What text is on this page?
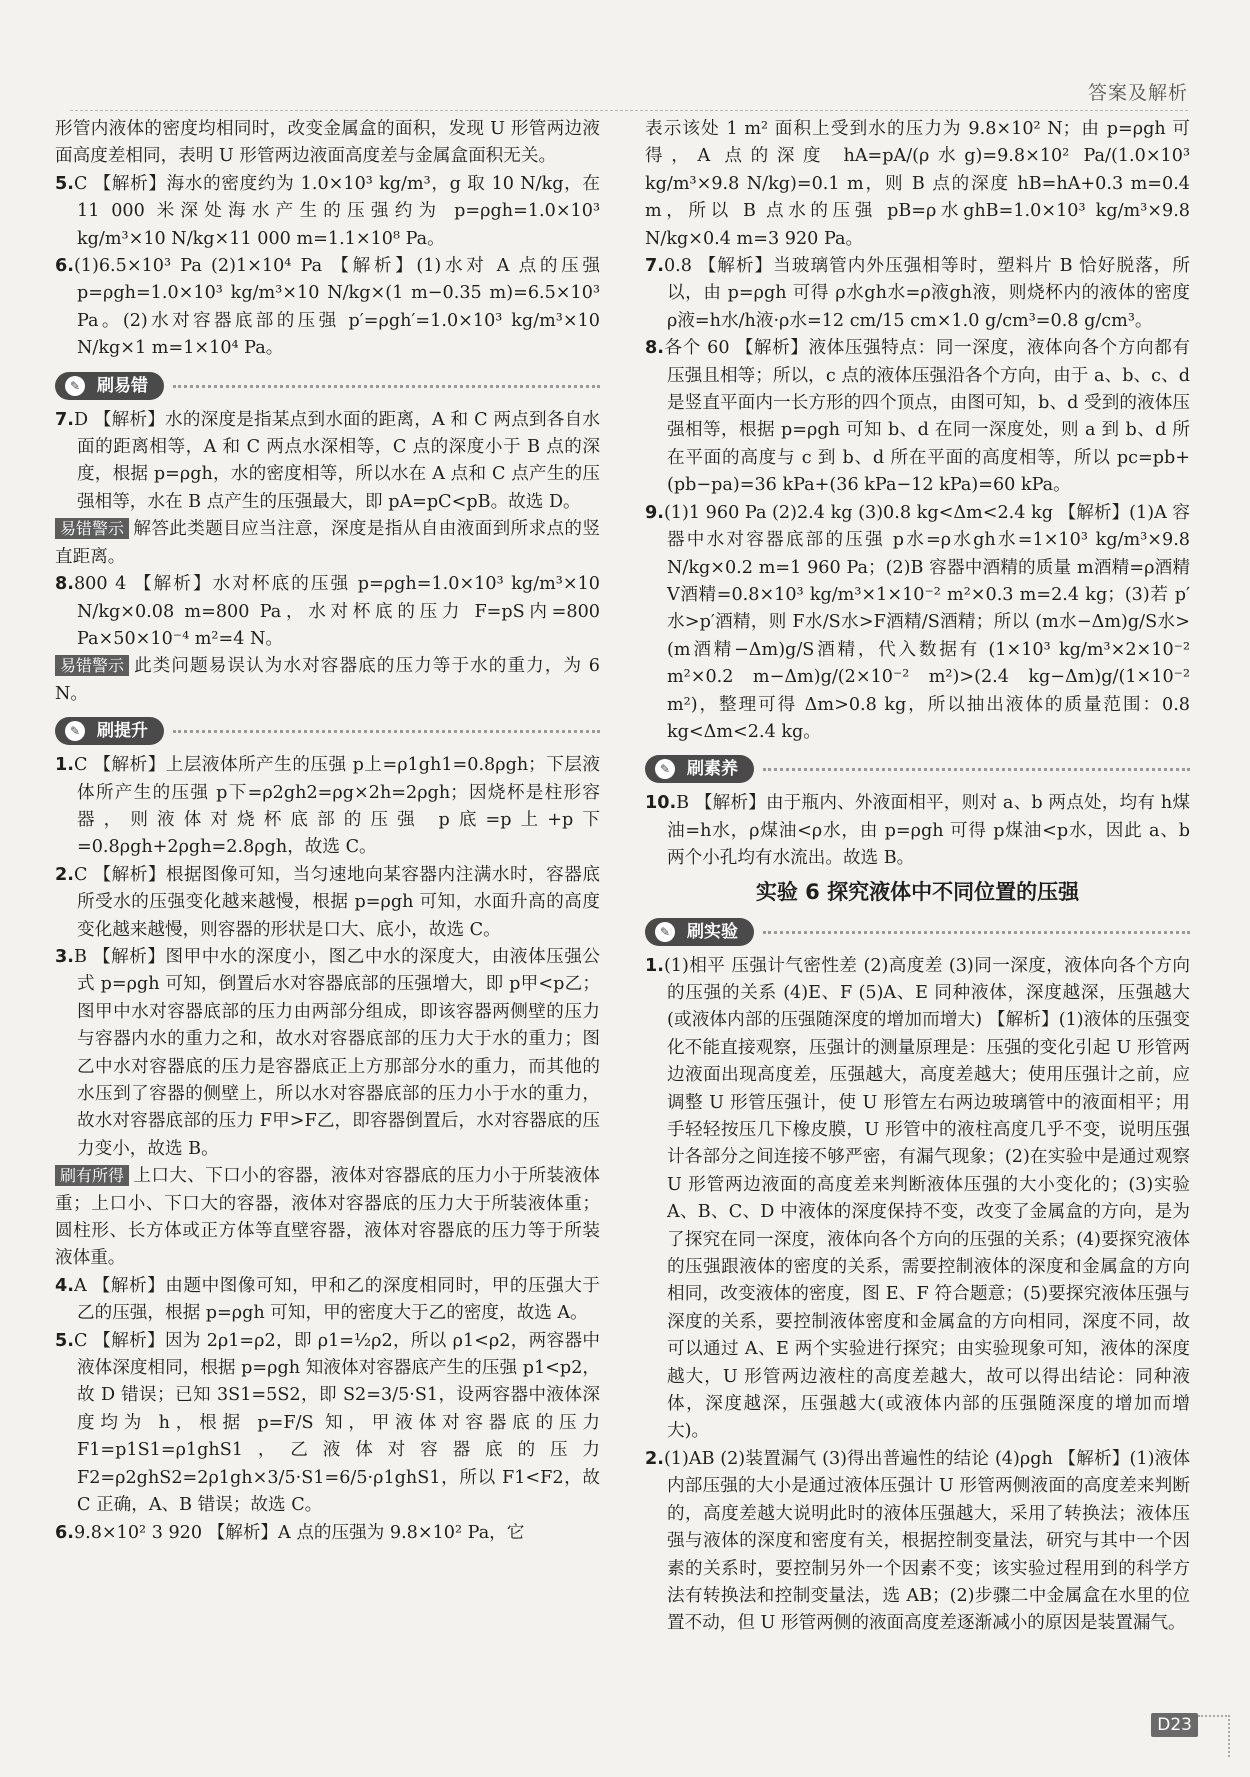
答案及解析

形管内液体的密度均相同时，改变金属盒的面积，发现 U 形管两边液面高度差相同，表明 U 形管两边液面高度差与金属盒面积无关。

5.C 【解析】海水的密度约为 1.0×10³ kg/m³，g 取 10 N/kg，在 11 000 米深处海水产生的压强约为 p=ρgh=1.0×10³ kg/m³×10 N/kg×11 000 m=1.1×10⁸ Pa。

6.(1)6.5×10³ Pa (2)1×10⁴ Pa 【解析】(1)水对 A 点的压强 p=ρgh=1.0×10³ kg/m³×10 N/kg×(1 m−0.35 m)=6.5×10³ Pa。(2)水对容器底部的压强 p′=ρgh′=1.0×10³ kg/m³×10 N/kg×1 m=1×10⁴ Pa。

✎ 刷易错

7.D 【解析】水的深度是指某点到水面的距离，A 和 C 两点到各自水面的距离相等，A 和 C 两点水深相等，C 点的深度小于 B 点的深度，根据 p=ρgh，水的密度相等，所以水在 A 点和 C 点产生的压强相等，水在 B 点产生的压强最大，即 pA=pC<pB。故选 D。

易错警示 解答此类题目应当注意，深度是指从自由液面到所求点的竖直距离。

8.800 4 【解析】水对杯底的压强 p=ρgh=1.0×10³ kg/m³×10 N/kg×0.08 m=800 Pa，水对杯底的压力 F=pS内=800 Pa×50×10⁻⁴ m²=4 N。

易错警示 此类问题易误认为水对容器底的压力等于水的重力，为 6 N。

✎ 刷提升

1.C 【解析】上层液体所产生的压强 p上=ρ1gh1=0.8ρgh；下层液体所产生的压强 p下=ρ2gh2=ρg×2h=2ρgh；因烧杯是柱形容器，则液体对烧杯底部的压强 p底=p上+p下=0.8ρgh+2ρgh=2.8ρgh，故选 C。

2.C 【解析】根据图像可知，当匀速地向某容器内注满水时，容器底所受水的压强变化越来越慢，根据 p=ρgh 可知，水面升高的高度变化越来越慢，则容器的形状是口大、底小，故选 C。

3.B 【解析】图甲中水的深度小，图乙中水的深度大，由液体压强公式 p=ρgh 可知，倒置后水对容器底部的压强增大，即 p甲<p乙；图甲中水对容器底部的压力由两部分组成，即该容器两侧壁的压力与容器内水的重力之和，故水对容器底部的压力大于水的重力；图乙中水对容器底的压力是容器底正上方那部分水的重力，而其他的水压到了容器的侧壁上，所以水对容器底部的压力小于水的重力，故水对容器底部的压力 F甲>F乙，即容器倒置后，水对容器底的压力变小，故选 B。

刷有所得 上口大、下口小的容器，液体对容器底的压力小于所装液体重；上口小、下口大的容器，液体对容器底的压力大于所装液体重；圆柱形、长方体或正方体等直壁容器，液体对容器底的压力等于所装液体重。

4.A 【解析】由题中图像可知，甲和乙的深度相同时，甲的压强大于乙的压强，根据 p=ρgh 可知，甲的密度大于乙的密度，故选 A。

5.C 【解析】因为 2ρ1=ρ2，即 ρ1=½ρ2，所以 ρ1<ρ2，两容器中液体深度相同，根据 p=ρgh 知液体对容器底产生的压强 p1<p2，故 D 错误；已知 3S1=5S2，即 S2=3/5·S1，设两容器中液体深度均为 h，根据 p=F/S 知，甲液体对容器底的压力 F1=p1S1=ρ1ghS1，乙液体对容器底的压力 F2=ρ2ghS2=2ρ1gh×3/5·S1=6/5·ρ1ghS1，所以 F1<F2，故 C 正确，A、B 错误；故选 C。

6.9.8×10² 3 920 【解析】A 点的压强为 9.8×10² Pa，它

表示该处 1 m² 面积上受到水的压力为 9.8×10² N；由 p=ρgh 可得，A 点的深度 hA=pA/(ρ水g)=9.8×10² Pa/(1.0×10³ kg/m³×9.8 N/kg)=0.1 m，则 B 点的深度 hB=hA+0.3 m=0.4 m，所以 B 点水的压强 pB=ρ水ghB=1.0×10³ kg/m³×9.8 N/kg×0.4 m=3 920 Pa。

7.0.8 【解析】当玻璃管内外压强相等时，塑料片 B 恰好脱落，所以，由 p=ρgh 可得 ρ水gh水=ρ液gh液，则烧杯内的液体的密度 ρ液=h水/h液·ρ水=12 cm/15 cm×1.0 g/cm³=0.8 g/cm³。

8.各个 60 【解析】液体压强特点：同一深度，液体向各个方向都有压强且相等；所以，c 点的液体压强沿各个方向，由于 a、b、c、d 是竖直平面内一长方形的四个顶点，由图可知，b、d 受到的液体压强相等，根据 p=ρgh 可知 b、d 在同一深度处，则 a 到 b、d 所在平面的高度与 c 到 b、d 所在平面的高度相等，所以 pc=pb+(pb−pa)=36 kPa+(36 kPa−12 kPa)=60 kPa。

9.(1)1 960 Pa (2)2.4 kg (3)0.8 kg<Δm<2.4 kg 【解析】(1)A 容器中水对容器底部的压强 p水=ρ水gh水=1×10³ kg/m³×9.8 N/kg×0.2 m=1 960 Pa；(2)B 容器中酒精的质量 m酒精=ρ酒精V酒精=0.8×10³ kg/m³×1×10⁻² m²×0.3 m=2.4 kg；(3)若 p′水>p′酒精，则 F水/S水>F酒精/S酒精；所以 (m水−Δm)g/S水>(m酒精−Δm)g/S酒精，代入数据有 (1×10³ kg/m³×2×10⁻² m²×0.2 m−Δm)g/(2×10⁻² m²)>(2.4 kg−Δm)g/(1×10⁻² m²)，整理可得 Δm>0.8 kg，所以抽出液体的质量范围：0.8 kg<Δm<2.4 kg。

✎ 刷素养

10.B 【解析】由于瓶内、外液面相平，则对 a、b 两点处，均有 h煤油=h水，ρ煤油<ρ水，由 p=ρgh 可得 p煤油<p水，因此 a、b 两个小孔均有水流出。故选 B。

实验 6 探究液体中不同位置的压强
✎ 刷实验

1.(1)相平 压强计气密性差 (2)高度差 (3)同一深度，液体向各个方向的压强的关系 (4)E、F (5)A、E 同种液体，深度越深，压强越大(或液体内部的压强随深度的增加而增大) 【解析】(1)液体的压强变化不能直接观察，压强计的测量原理是：压强的变化引起 U 形管两边液面出现高度差，压强越大，高度差越大；使用压强计之前，应调整 U 形管压强计，使 U 形管左右两边玻璃管中的液面相平；用手轻轻按压几下橡皮膜，U 形管中的液柱高度几乎不变，说明压强计各部分之间连接不够严密，有漏气现象；(2)在实验中是通过观察 U 形管两边液面的高度差来判断液体压强的大小变化的；(3)实验 A、B、C、D 中液体的深度保持不变，改变了金属盒的方向，是为了探究在同一深度，液体向各个方向的压强的关系；(4)要探究液体的压强跟液体的密度的关系，需要控制液体的深度和金属盒的方向相同，改变液体的密度，图 E、F 符合题意；(5)要探究液体压强与深度的关系，要控制液体密度和金属盒的方向相同，深度不同，故可以通过 A、E 两个实验进行探究；由实验现象可知，液体的深度越大，U 形管两边液柱的高度差越大，故可以得出结论：同种液体，深度越深，压强越大(或液体内部的压强随深度的增加而增大)。

2.(1)AB (2)装置漏气 (3)得出普遍性的结论 (4)ρgh 【解析】(1)液体内部压强的大小是通过液体压强计 U 形管两侧液面的高度差来判断的，高度差越大说明此时的液体压强越大，采用了转换法；液体压强与液体的深度和密度有关，根据控制变量法，研究与其中一个因素的关系时，要控制另外一个因素不变；该实验过程用到的科学方法有转换法和控制变量法，选 AB；(2)步骤二中金属盒在水里的位置不动，但 U 形管两侧的液面高度差逐渐减小的原因是装置漏气。

D23
